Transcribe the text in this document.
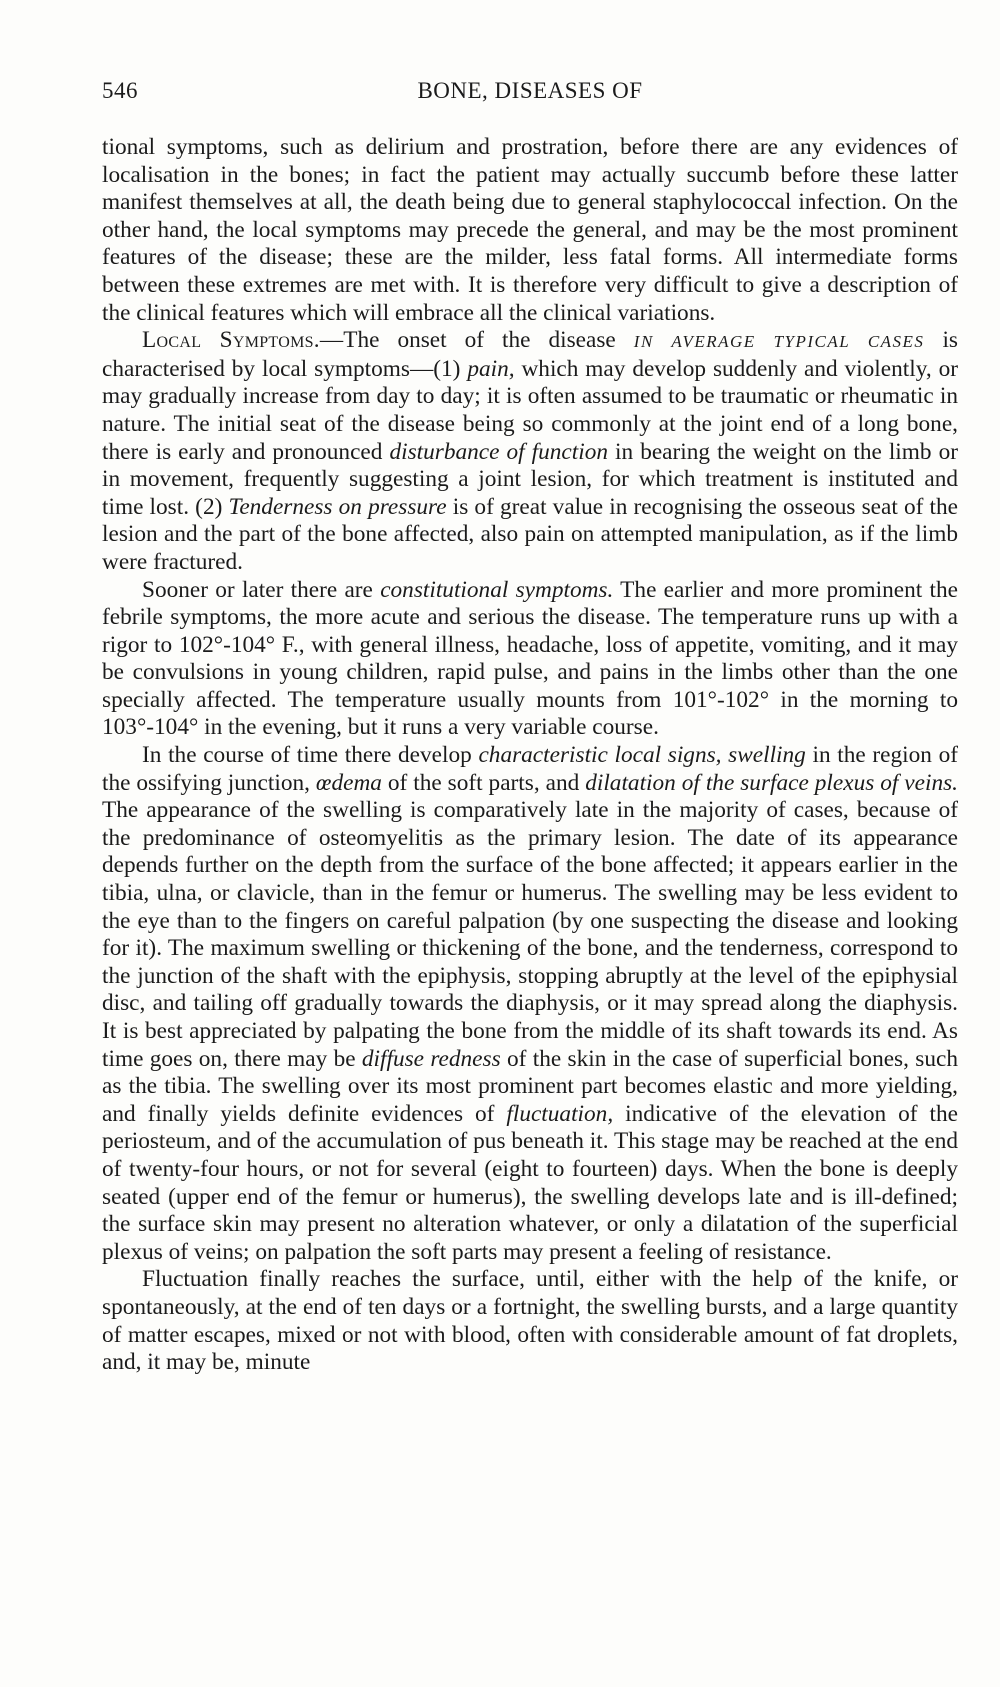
546	BONE, DISEASES OF

tional symptoms, such as delirium and prostration, before there are any evidences of localisation in the bones; in fact the patient may actually succumb before these latter manifest themselves at all, the death being due to general staphylococcal infection. On the other hand, the local symptoms may precede the general, and may be the most prominent features of the disease; these are the milder, less fatal forms. All intermediate forms between these extremes are met with. It is therefore very difficult to give a description of the clinical features which will embrace all the clinical variations.

Local Symptoms.—The onset of the disease IN AVERAGE TYPICAL CASES is characterised by local symptoms—(1) pain, which may develop suddenly and violently, or may gradually increase from day to day; it is often assumed to be traumatic or rheumatic in nature. The initial seat of the disease being so commonly at the joint end of a long bone, there is early and pronounced disturbance of function in bearing the weight on the limb or in movement, frequently suggesting a joint lesion, for which treatment is instituted and time lost. (2) Tenderness on pressure is of great value in recognising the osseous seat of the lesion and the part of the bone affected, also pain on attempted manipulation, as if the limb were fractured.

Sooner or later there are constitutional symptoms. The earlier and more prominent the febrile symptoms, the more acute and serious the disease. The temperature runs up with a rigor to 102°-104° F., with general illness, headache, loss of appetite, vomiting, and it may be convulsions in young children, rapid pulse, and pains in the limbs other than the one specially affected. The temperature usually mounts from 101°-102° in the morning to 103°-104° in the evening, but it runs a very variable course.

In the course of time there develop characteristic local signs, swelling in the region of the ossifying junction, œdema of the soft parts, and dilatation of the surface plexus of veins. The appearance of the swelling is comparatively late in the majority of cases, because of the predominance of osteomyelitis as the primary lesion. The date of its appearance depends further on the depth from the surface of the bone affected; it appears earlier in the tibia, ulna, or clavicle, than in the femur or humerus. The swelling may be less evident to the eye than to the fingers on careful palpation (by one suspecting the disease and looking for it). The maximum swelling or thickening of the bone, and the tenderness, correspond to the junction of the shaft with the epiphysis, stopping abruptly at the level of the epiphysial disc, and tailing off gradually towards the diaphysis, or it may spread along the diaphysis. It is best appreciated by palpating the bone from the middle of its shaft towards its end. As time goes on, there may be diffuse redness of the skin in the case of superficial bones, such as the tibia. The swelling over its most prominent part becomes elastic and more yielding, and finally yields definite evidences of fluctuation, indicative of the elevation of the periosteum, and of the accumulation of pus beneath it. This stage may be reached at the end of twenty-four hours, or not for several (eight to fourteen) days. When the bone is deeply seated (upper end of the femur or humerus), the swelling develops late and is ill-defined; the surface skin may present no alteration whatever, or only a dilatation of the superficial plexus of veins; on palpation the soft parts may present a feeling of resistance.

Fluctuation finally reaches the surface, until, either with the help of the knife, or spontaneously, at the end of ten days or a fortnight, the swelling bursts, and a large quantity of matter escapes, mixed or not with blood, often with considerable amount of fat droplets, and, it may be, minute
